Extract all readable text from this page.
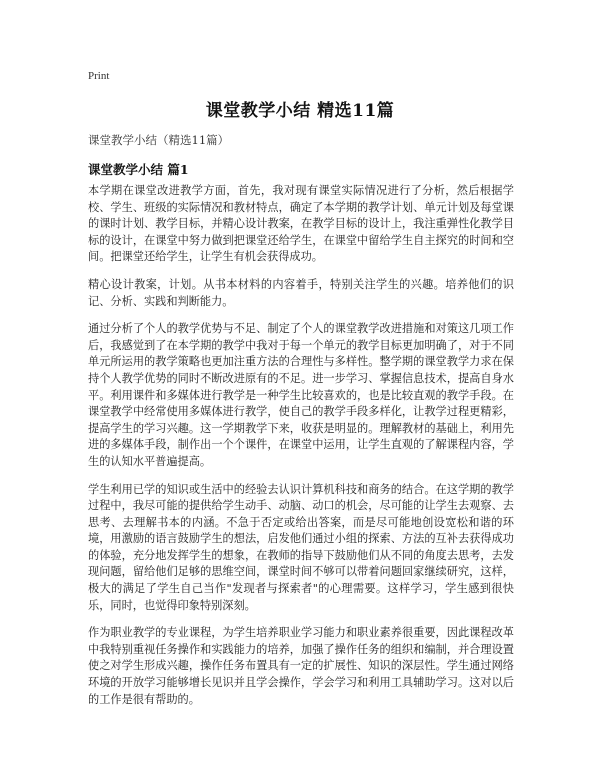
Print
课堂教学小结 精选11篇
课堂教学小结（精选11篇）
课堂教学小结 篇1

本学期在课堂改进教学方面，首先，我对现有课堂实际情况进行了分析，然后根据学校、学生、班级的实际情况和教材特点，确定了本学期的教学计划、单元计划及每堂课的课时计划、教学目标，并精心设计教案，在教学目标的设计上，我注重弹性化教学目标的设计，在课堂中努力做到把课堂还给学生，在课堂中留给学生自主探究的时间和空间。把课堂还给学生，让学生有机会获得成功。

精心设计教案，计划。从书本材料的内容着手，特别关注学生的兴趣。培养他们的识记、分析、实践和判断能力。

通过分析了个人的教学优势与不足、制定了个人的课堂教学改进措施和对策这几项工作后，我感觉到了在本学期的教学中我对于每一个单元的教学目标更加明确了，对于不同单元所运用的教学策略也更加注重方法的合理性与多样性。整学期的课堂教学力求在保持个人教学优势的同时不断改进原有的不足。进一步学习、掌握信息技术，提高自身水平。利用课件和多媒体进行教学是一种学生比较喜欢的，也是比较直观的教学手段。在课堂教学中经常使用多媒体进行教学，使自己的教学手段多样化，让教学过程更精彩，提高学生的学习兴趣。这一学期教学下来，收获是明显的。理解教材的基础上，利用先进的多媒体手段，制作出一个个课件，在课堂中运用，让学生直观的了解课程内容，学生的认知水平普遍提高。

学生利用已学的知识或生活中的经验去认识计算机科技和商务的结合。在这学期的教学过程中，我尽可能的提供给学生动手、动脑、动口的机会，尽可能的让学生去观察、去思考、去理解书本的内涵。不急于否定或给出答案，而是尽可能地创设宽松和谐的环境，用激励的语言鼓励学生的想法，启发他们通过小组的探索、方法的互补去获得成功的体验，充分地发挥学生的想象，在教师的指导下鼓励他们从不同的角度去思考，去发现问题，留给他们足够的思维空间，课堂时间不够可以带着问题回家继续研究，这样，极大的满足了学生自己当作"发现者与探索者"的心理需要。这样学习，学生感到很快乐，同时，也觉得印象特别深刻。

作为职业教学的专业课程，为学生培养职业学习能力和职业素养很重要，因此课程改革中我特别重视任务操作和实践能力的培养，加强了操作任务的组织和编制，并合理设置使之对学生形成兴趣，操作任务布置具有一定的扩展性、知识的深层性。学生通过网络环境的开放学习能够增长见识并且学会操作，学会学习和利用工具辅助学习。这对以后的工作是很有帮助的。
